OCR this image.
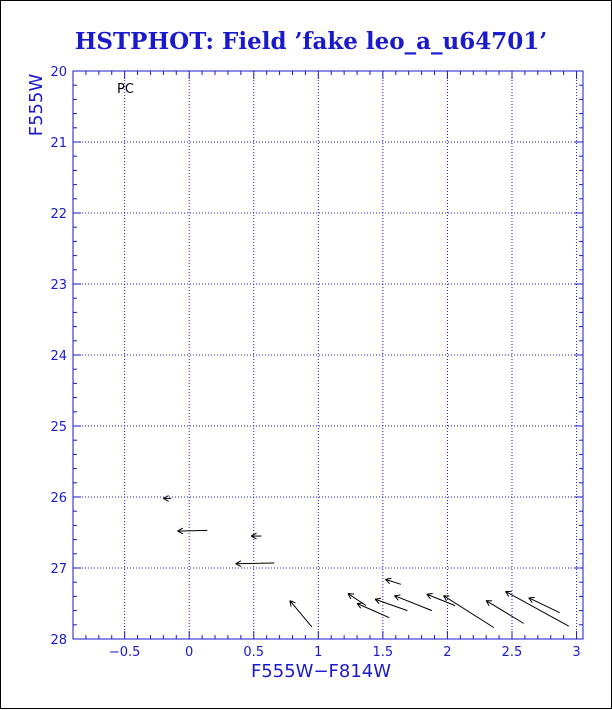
HSTPHOT: Field ’fake leo_a_u64701’
PC
−0.5	0	0.5	1	1.5	2	2.5	3
20
21
22
23
24
25
26
27
28
F555W−F814W
F555W
